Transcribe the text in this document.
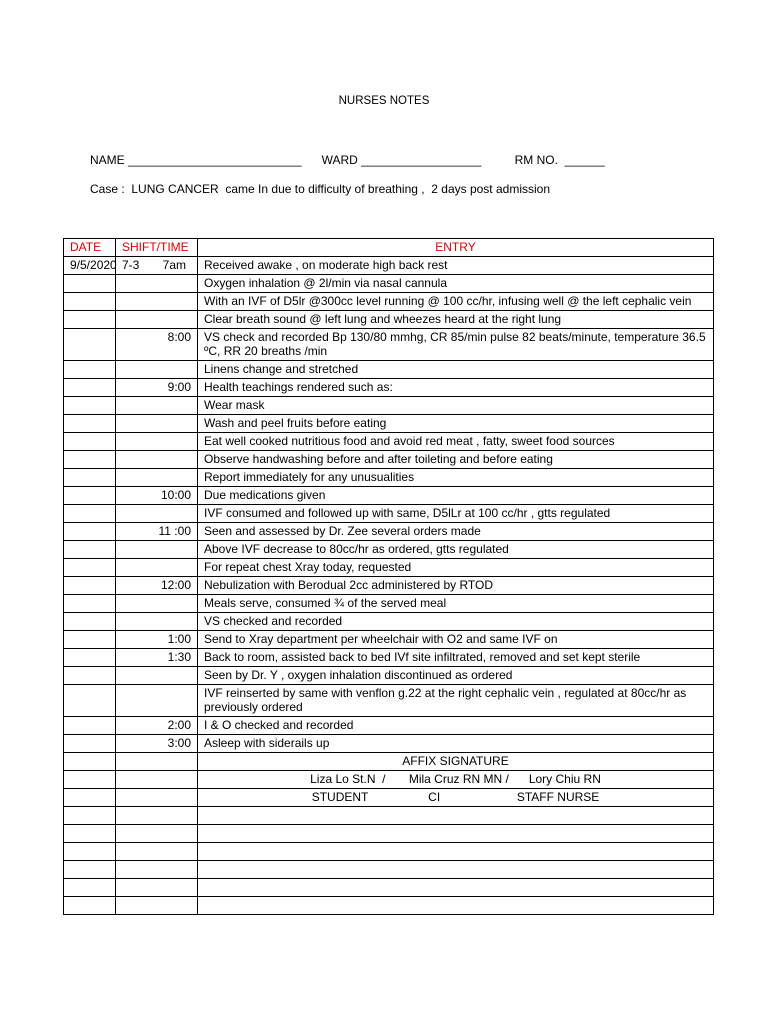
NURSES NOTES
NAME __________________________ WARD __________________	RM NO. ______
Case : LUNG CANCER  came In due to difficulty of breathing ,  2 days post admission
DATE	SHIFT/TIME	ENTRY
9/5/2020	7-3       7am	Received awake , on moderate high back rest
		Oxygen inhalation @ 2l/min via nasal cannula
		With an IVF of D5lr @300cc level running @ 100 cc/hr, infusing well @ the left cephalic vein
		Clear breath sound @ left lung and wheezes heard at the right lung
	8:00	VS check and recorded Bp 130/80 mmhg, CR 85/min pulse 82 beats/minute, temperature 36.5 ºC, RR 20 breaths /min
		Linens change and stretched
	9:00	Health teachings rendered such as:
		Wear mask
		Wash and peel fruits before eating
		Eat well cooked nutritious food and avoid red meat , fatty, sweet food sources
		Observe handwashing before and after toileting and before eating
		Report immediately for any unusualities
	10:00	Due medications given
		IVF consumed and followed up with same, D5lLr at 100 cc/hr , gtts regulated
	11 :00	Seen and assessed by Dr. Zee several orders made
		Above IVF decrease to 80cc/hr as ordered, gtts regulated
		For repeat chest Xray today, requested
	12:00	Nebulization with Berodual 2cc administered by RTOD
		Meals serve, consumed ¾ of the served meal
		VS checked and recorded
	1:00	Send to Xray department per wheelchair with O2 and same IVF on
	1:30	Back to room, assisted back to bed IVf site infiltrated, removed and set kept sterile
		Seen by Dr. Y , oxygen inhalation discontinued as ordered
		IVF reinserted by same with venflon g.22 at the right cephalic vein , regulated at 80cc/hr as previously ordered
	2:00	I & O checked and recorded
	3:00	Asleep with siderails up
		AFFIX SIGNATURE
		Liza Lo St.N  /       Mila Cruz RN MN /      Lory Chiu RN
		STUDENT                  CI                       STAFF NURSE
